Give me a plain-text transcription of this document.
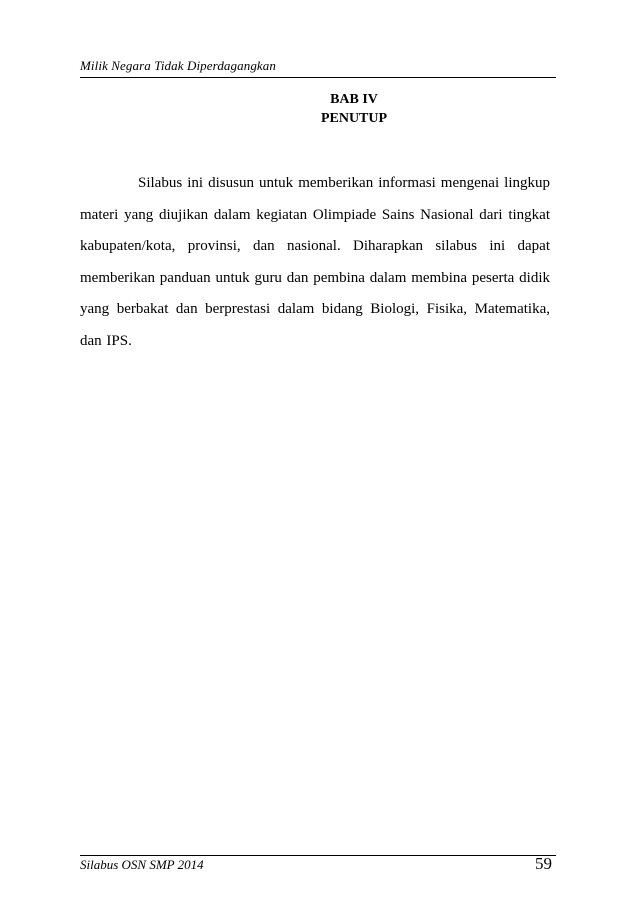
Milik Negara Tidak Diperdagangkan
BAB IV
PENUTUP

Silabus ini disusun untuk memberikan informasi mengenai lingkup materi yang diujikan dalam kegiatan Olimpiade Sains Nasional dari tingkat kabupaten/kota, provinsi, dan nasional. Diharapkan silabus ini dapat memberikan panduan untuk guru dan pembina dalam membina peserta didik yang berbakat dan berprestasi dalam bidang Biologi, Fisika, Matematika, dan IPS.

Silabus OSN SMP 2014	59
